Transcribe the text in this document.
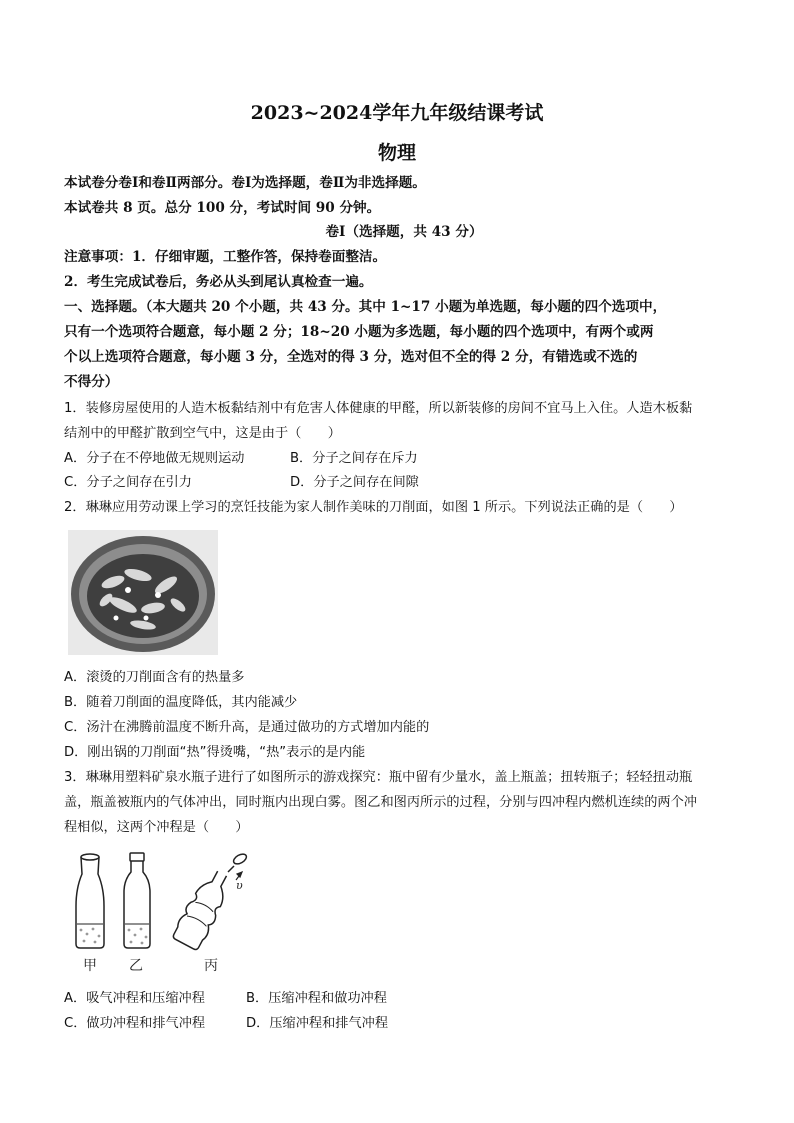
2023~2024学年九年级结课考试
物理
本试卷分卷Ⅰ和卷Ⅱ两部分。卷Ⅰ为选择题，卷Ⅱ为非选择题。
本试卷共 8 页。总分 100 分，考试时间 90 分钟。
卷Ⅰ（选择题，共 43 分）
注意事项：1．仔细审题，工整作答，保持卷面整洁。
2．考生完成试卷后，务必从头到尾认真检查一遍。
一、选择题。（本大题共 20 个小题，共 43 分。其中 1~17 小题为单选题，每小题的四个选项中，
只有一个选项符合题意，每小题 2 分；18~20 小题为多选题，每小题的四个选项中，有两个或两
个以上选项符合题意，每小题 3 分，全选对的得 3 分，选对但不全的得 2 分，有错选或不选的
不得分）
1．装修房屋使用的人造木板黏结剂中有危害人体健康的甲醛，所以新装修的房间不宜马上入住。人造木板黏
结剂中的甲醛扩散到空气中，这是由于（　　）
A．分子在不停地做无规则运动	B．分子之间存在斥力
C．分子之间存在引力	D．分子之间存在间隙
2．琳琳应用劳动课上学习的烹饪技能为家人制作美味的刀削面，如图 1 所示。下列说法正确的是（　　）
A．滚烫的刀削面含有的热量多
B．随着刀削面的温度降低，其内能减少
C．汤汁在沸腾前温度不断升高，是通过做功的方式增加内能的
D．刚出锅的刀削面“热”得烫嘴，“热”表示的是内能
3．琳琳用塑料矿泉水瓶子进行了如图所示的游戏探究：瓶中留有少量水，盖上瓶盖；扭转瓶子；轻轻扭动瓶
盖，瓶盖被瓶内的气体冲出，同时瓶内出现白雾。图乙和图丙所示的过程，分别与四冲程内燃机连续的两个冲
程相似，这两个冲程是（　　）
υ
甲 乙	丙
A．吸气冲程和压缩冲程	B．压缩冲程和做功冲程
C．做功冲程和排气冲程	D．压缩冲程和排气冲程
